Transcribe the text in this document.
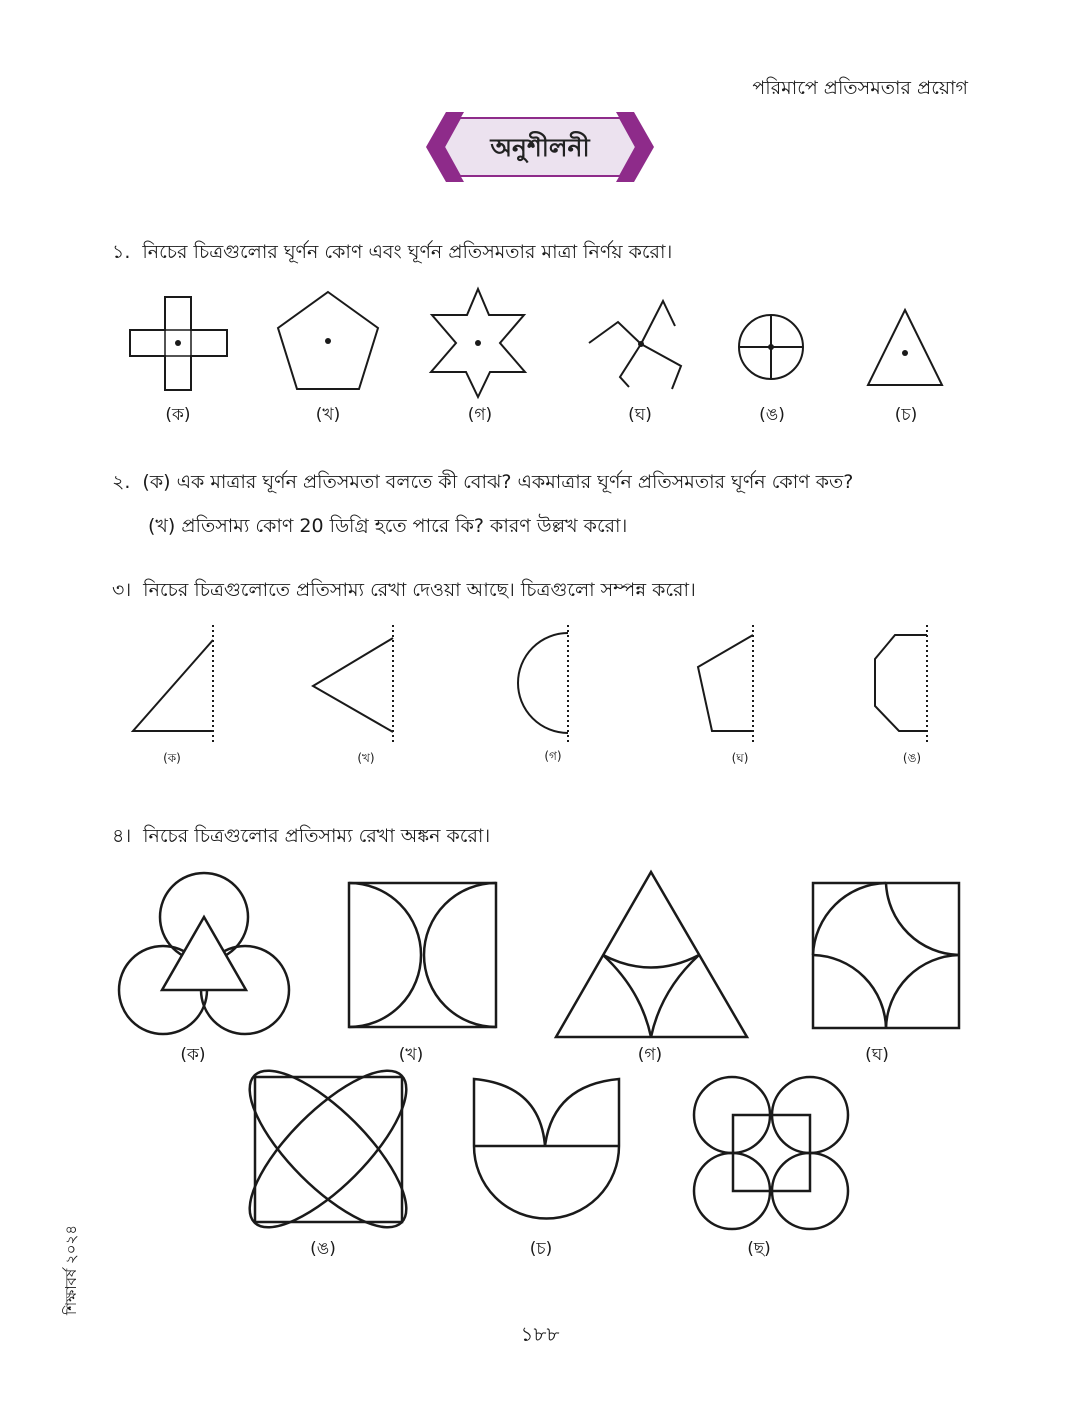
পরিমাপে প্রতিসমতার প্রয়োগ
অনুশীলনী
১. নিচের চিত্রগুলোর ঘূর্ণন কোণ এবং ঘূর্ণন প্রতিসমতার মাত্রা নির্ণয় করো।
(ক)	(খ)	(গ)	(ঘ)	(ঙ)	(চ)
২. (ক) এক মাত্রার ঘূর্ণন প্রতিসমতা বলতে কী বোঝ? একমাত্রার ঘূর্ণন প্রতিসমতার ঘূর্ণন কোণ কত?
(খ) প্রতিসাম্য কোণ 20 ডিগ্রি হতে পারে কি? কারণ উল্লখ করো।
৩। নিচের চিত্রগুলোতে প্রতিসাম্য রেখা দেওয়া আছে। চিত্রগুলো সম্পন্ন করো।
(ক)	(খ)	(গ)	(ঘ)	(ঙ)
৪। নিচের চিত্রগুলোর প্রতিসাম্য রেখা অঙ্কন করো।
(ক)	(খ)	(গ)	(ঘ)
(ঙ)	(চ)	(ছ)
শিক্ষাবর্ষ ২০২৪
১৮৮
